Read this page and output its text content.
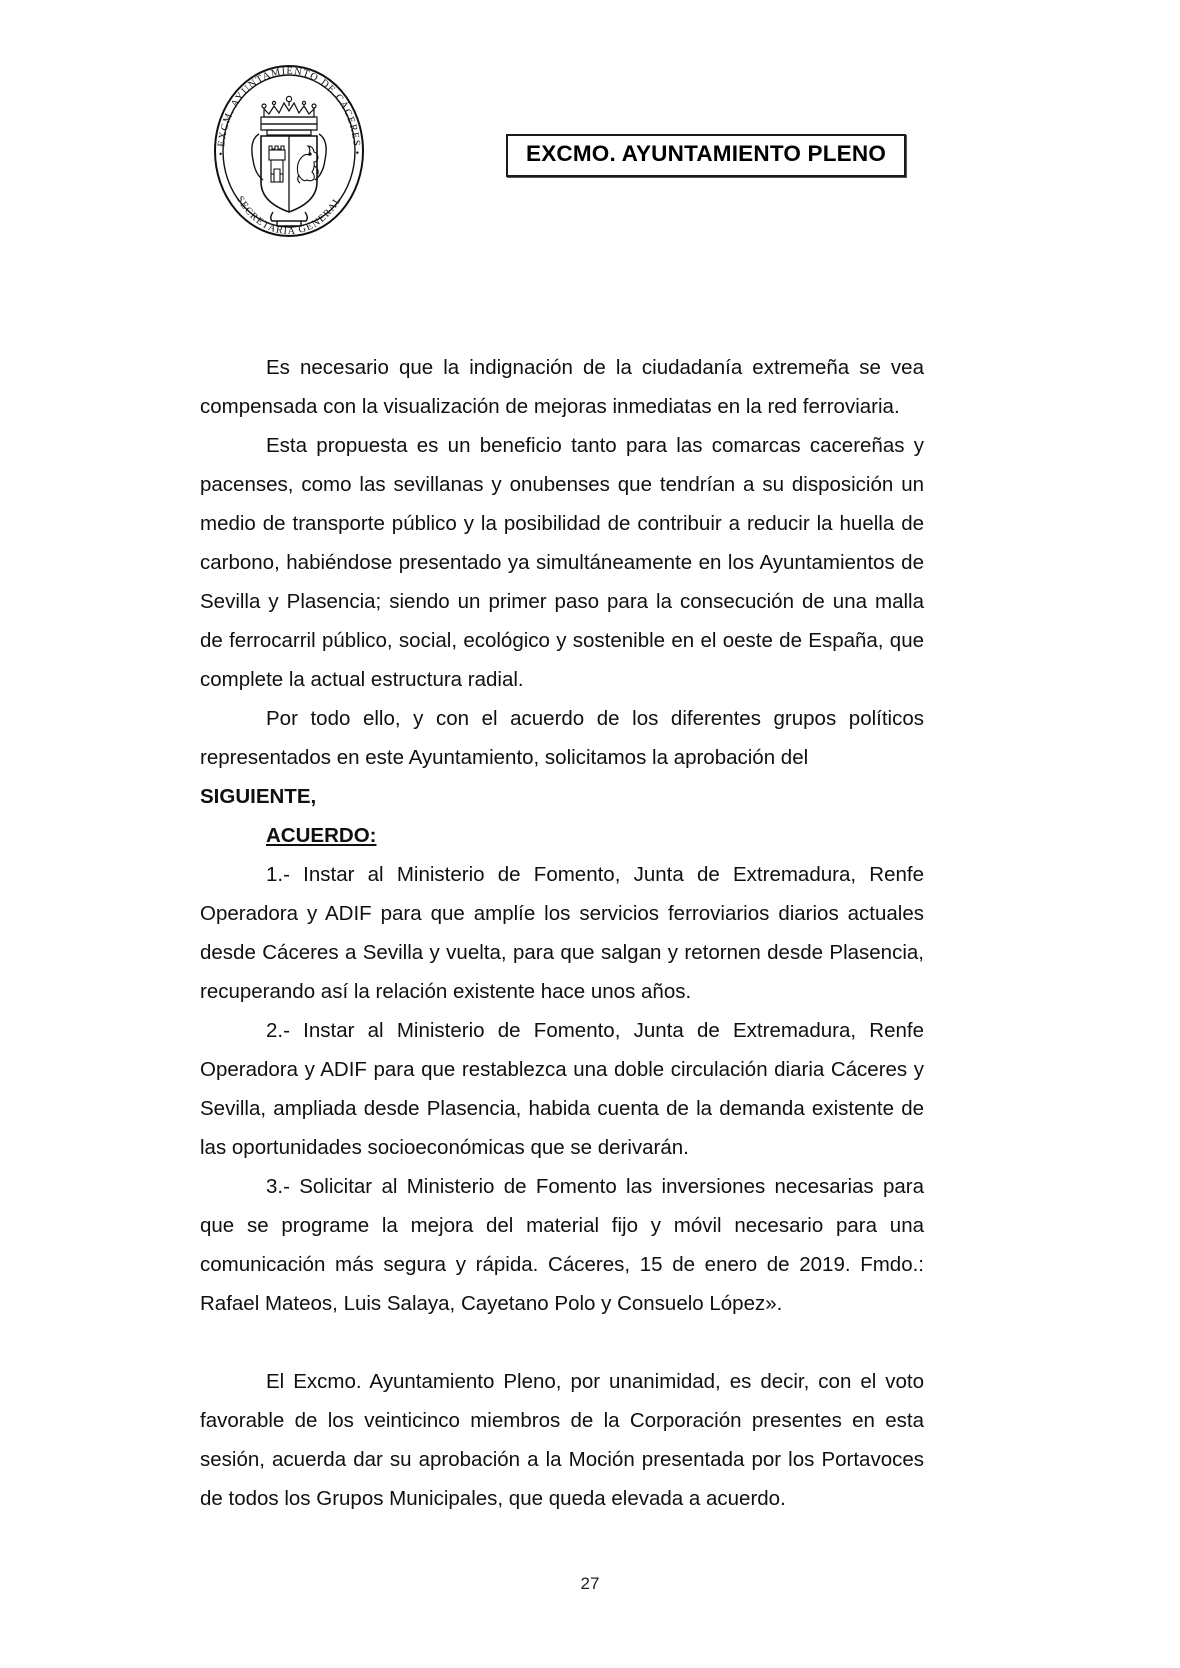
• EXCM. AYUNTAMIENTO DE CÁCERES •
SECRETARÍA GENERAL
EXCMO. AYUNTAMIENTO PLENO

Es necesario que la indignación de la ciudadanía extremeña se vea compensada con la visualización de mejoras inmediatas en la red ferroviaria.

Esta propuesta es un beneficio tanto para las comarcas cacereñas y pacenses, como las sevillanas y onubenses que tendrían a su disposición un medio de transporte público y la posibilidad de contribuir a reducir la huella de carbono, habiéndose presentado ya simultáneamente en los Ayuntamientos de Sevilla y Plasencia; siendo un primer paso para la consecución de una malla de ferrocarril público, social, ecológico y sostenible en el oeste de España, que complete la actual estructura radial.

Por todo ello, y con el acuerdo de los diferentes grupos políticos representados en este Ayuntamiento, solicitamos la aprobación del

SIGUIENTE,
ACUERDO:

1.- Instar al Ministerio de Fomento, Junta de Extremadura, Renfe Operadora y ADIF para que amplíe los servicios ferroviarios diarios actuales desde Cáceres a Sevilla y vuelta, para que salgan y retornen desde Plasencia, recuperando así la relación existente hace unos años.

2.- Instar al Ministerio de Fomento, Junta de Extremadura, Renfe Operadora y ADIF para que restablezca una doble circulación diaria Cáceres y Sevilla, ampliada desde Plasencia, habida cuenta de la demanda existente de las oportunidades socioeconómicas que se derivarán.

3.- Solicitar al Ministerio de Fomento las inversiones necesarias para que se programe la mejora del material fijo y móvil necesario para una comunicación más segura y rápida. Cáceres, 15 de enero de 2019. Fmdo.: Rafael Mateos, Luis Salaya, Cayetano Polo y Consuelo López».

El Excmo. Ayuntamiento Pleno, por unanimidad, es decir, con el voto favorable de los veinticinco miembros de la Corporación presentes en esta sesión, acuerda dar su aprobación a la Moción presentada por los Portavoces de todos los Grupos Municipales, que queda elevada a acuerdo.

27
